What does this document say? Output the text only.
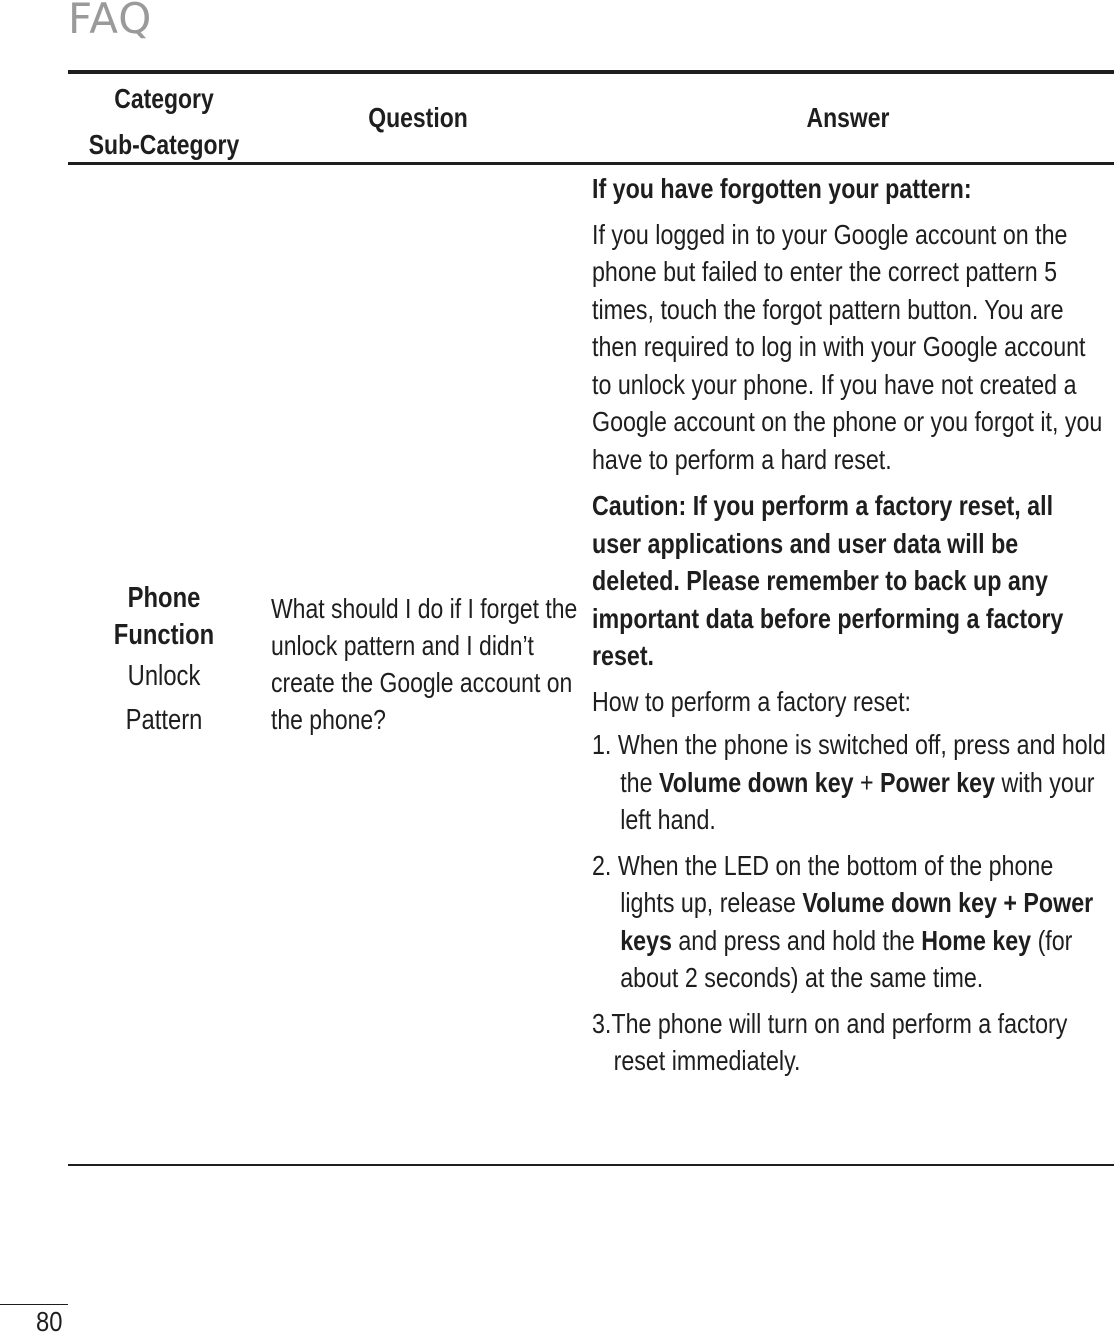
FAQ
Category
Sub-Category
Question	Answer
Phone Function
Unlock
Pattern
What should I do if I forget the unlock pattern and I didn’t create the Google account on the phone?

If you have forgotten your pattern:

If you logged in to your Google account on the phone but failed to enter the correct pattern 5 times, touch the forgot pattern button. You are then required to log in with your Google account to unlock your phone. If you have not created a Google account on the phone or you forgot it, you have to perform a hard reset.

Caution: If you perform a factory reset, all user applications and user data will be deleted. Please remember to back up any important data before performing a factory reset.

How to perform a factory reset:

1. When the phone is switched off, press and hold the Volume down key + Power key with your left hand.

2. When the LED on the bottom of the phone lights up, release Volume down key + Power keys and press and hold the Home key (for about 2 seconds) at the same time.

3.The phone will turn on and perform a factory reset immediately.

80
